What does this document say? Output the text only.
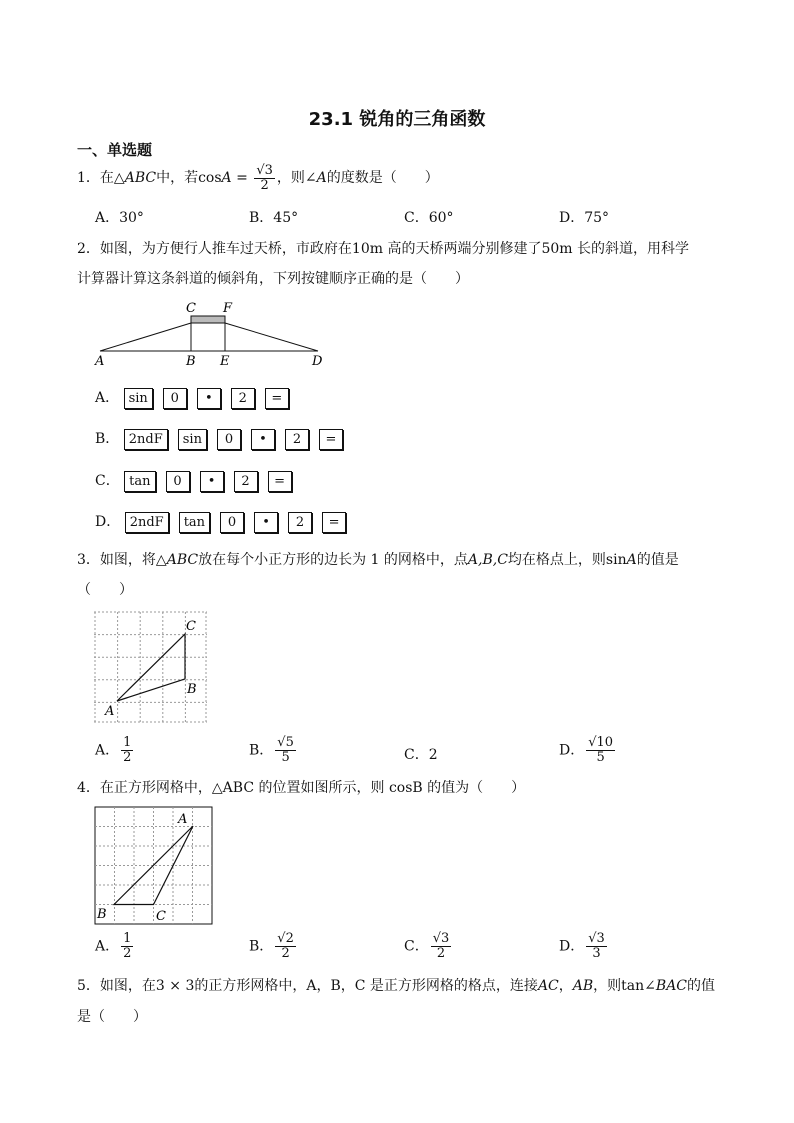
23.1 锐角的三角函数
一、单选题
1．在△ABC中，若$\cos A = \frac{√3}{2}$ ，则∠A的度数是（　　）
A．30°	B．45°	C．60°	D．75°
2．如图，为方便行人推车过天桥，市政府在10m 高的天桥两端分别修建了50m 长的斜道，用科学
计算器计算这条斜道的倾斜角，下列按键顺序正确的是（　　）
C F
A	B E	D
A． sin 0 • 2 =
B． 2ndF sin 0 • 2 =
C． tan 0 • 2 =
D． 2ndF tan 0 • 2 =
3．如图，将△ABC放在每个小正方形的边长为 1 的网格中，点A,B,C均在格点上，则sinA的值是
（　　）
C
B
A
A． $\frac{1}{2}$	B． $\frac{√5}{5}$	C．2	D． $\frac{√10}{5}$
4．在正方形网格中，△ABC 的位置如图所示，则 cosB 的值为（　　）
A
B	C
A． $\frac{1}{2}$	B． $\frac{√2}{2}$	C． $\frac{√3}{2}$	D． $\frac{√3}{3}$
5．如图，在3 × 3的正方形网格中，A，B，C 是正方形网格的格点，连接AC，AB，则tan∠BAC的值
是（　　）
